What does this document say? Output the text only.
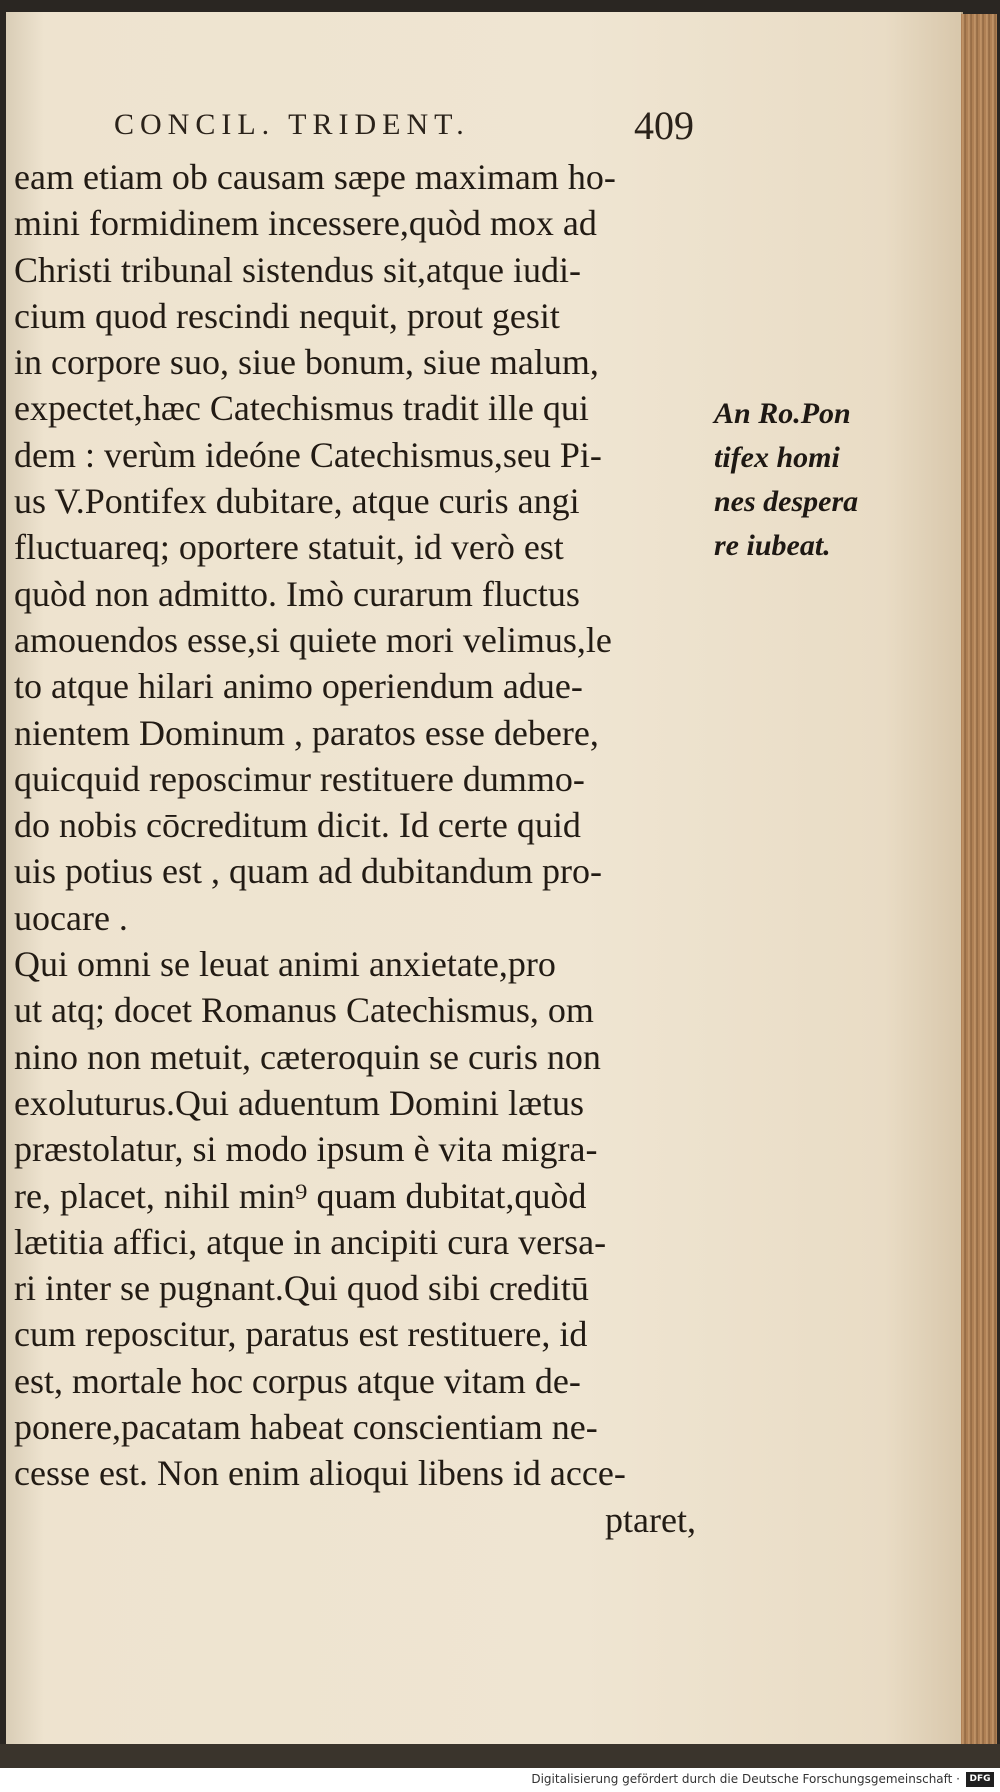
CONCIL. TRIDENT.	409
eam etiam ob causam sæpe maximam ho-
mini formidinem incessere,quòd mox ad
Christi tribunal sistendus sit,atque iudi-
cium quod rescindi nequit, prout gesit
in corpore suo, siue bonum, siue malum,
expectet,hæc Catechismus tradit ille qui
dem : verùm ideóne Catechismus,seu Pi-
us V.Pontifex dubitare, atque curis angi
fluctuareq; oportere statuit, id verò est
quòd non admitto. Imò curarum fluctus
amouendos esse,si quiete mori velimus,le
to atque hilari animo operiendum adue-
nientem Dominum , paratos esse debere,
quicquid reposcimur restituere dummo-
do nobis cōcreditum dicit. Id certe quid
uis potius est , quam ad dubitandum pro-
uocare .
Qui omni se leuat animi anxietate,pro
ut atq; docet Romanus Catechismus, om
nino non metuit, cæteroquin se curis non
exoluturus.Qui aduentum Domini lætus
præstolatur, si modo ipsum è vita migra-
re, placet, nihil min⁹ quam dubitat,quòd
lætitia affici, atque in ancipiti cura versa-
ri inter se pugnant.Qui quod sibi creditū
cum reposcitur, paratus est restituere, id
est, mortale hoc corpus atque vitam de-
ponere,pacatam habeat conscientiam ne-
cesse est. Non enim alioqui libens id acce-
ptaret,
An Ro.Pon
tifex homi
nes desperа
re iubeat.
Digitalisierung gefördert durch die Deutsche Forschungsgemeinschaft ·	DFG
